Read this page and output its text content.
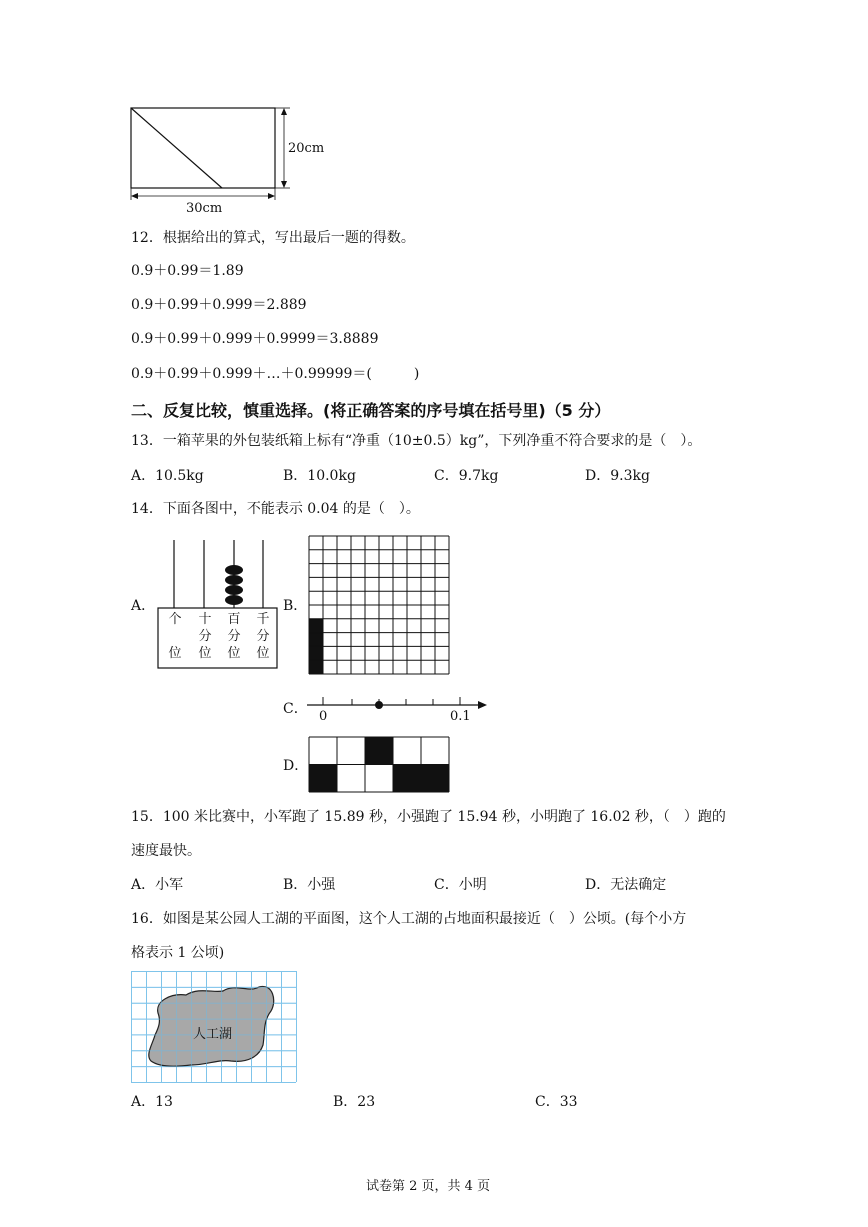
20cm
30cm
12．根据给出的算式，写出最后一题的得数。
0.9＋0.99＝1.89
0.9＋0.99＋0.999＝2.889
0.9＋0.99＋0.999＋0.9999＝3.8889
0.9＋0.99＋0.999＋…＋0.99999＝(　　　)
二、反复比较，慎重选择。(将正确答案的序号填在括号里)（5 分）
13．一箱苹果的外包装纸箱上标有“净重（10±0.5）kg”，下列净重不符合要求的是（　）。
A．10.5kg	B．10.0kg	C．9.7kg	D．9.3kg
14．下面各图中，不能表示 0.04 的是（　）。
A．	B．
C．
D．
个
位
十
分
位
百
分
位
千
分
位
0	0.1
15．100 米比赛中，小军跑了 15.89 秒，小强跑了 15.94 秒，小明跑了 16.02 秒，（　）跑的
速度最快。
A．小军	B．小强	C．小明	D．无法确定
16．如图是某公园人工湖的平面图，这个人工湖的占地面积最接近（　）公顷。(每个小方
格表示 1 公顷)
人工湖
A．13	B．23	C．33
试卷第 2 页，共 4 页
